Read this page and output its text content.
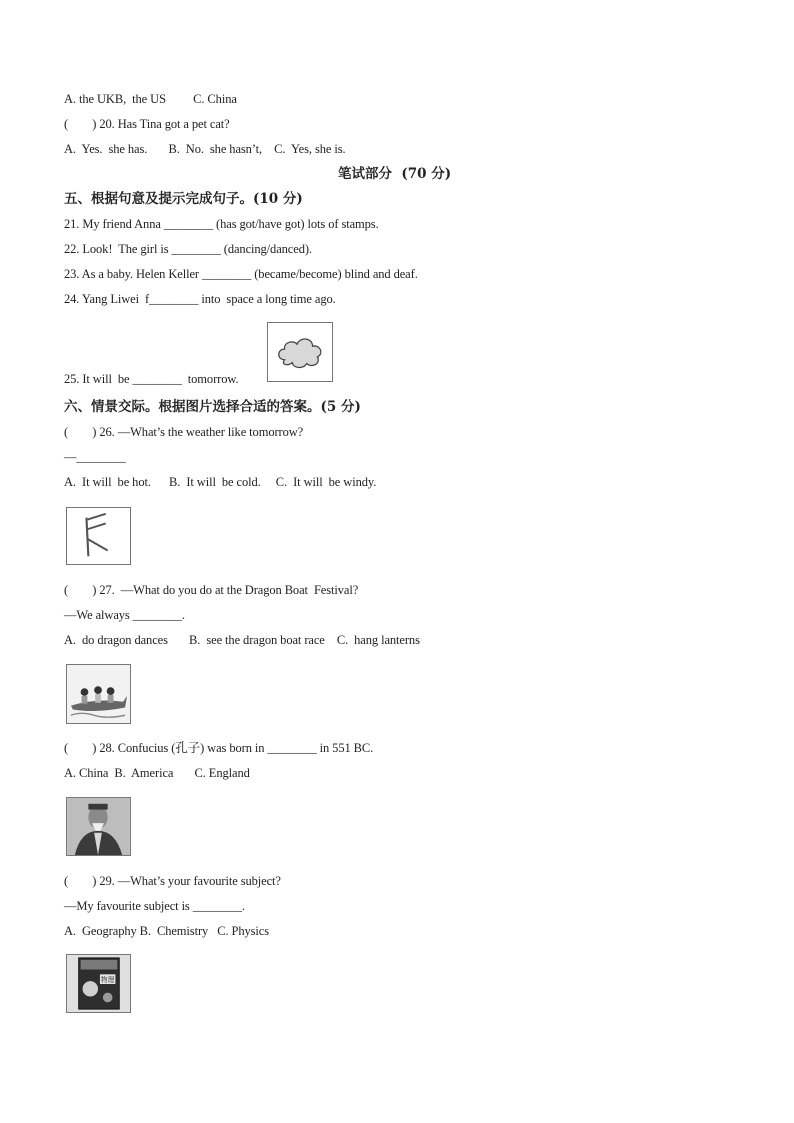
A. the UKB,  the US         C. China
(        ) 20. Has Tina got a pet cat?
A.  Yes.  she has.       B.  No.  she hasn’t,    C.  Yes, she is.
笔试部分  (70 分)
五、根据句意及提示完成句子。(10 分)
21. My friend Anna ________ (has got/have got) lots of stamps.
22. Look!  The girl is ________ (dancing/danced).
23. As a baby. Helen Keller ________ (became/become) blind and deaf.
24. Yang Liwei  f________ into  space a long time ago.
25. It will  be ________  tomorrow.
六、情景交际。根据图片选择合适的答案。(5 分)
(        ) 26. —What’s the weather like tomorrow?
—________
A.  It will  be hot.      B.  It will  be cold.     C.  It will  be windy.
(        ) 27.  —What do you do at the Dragon Boat  Festival?
—We always ________.
A.  do dragon dances       B.  see the dragon boat race    C.  hang lanterns
(        ) 28. Confucius (孔子) was born in ________ in 551 BC.
A. China  B.  America       C. England
(        ) 29. —What’s your favourite subject?
—My favourite subject is ________.
A.  Geography B.  Chemistry   C. Physics
物理
